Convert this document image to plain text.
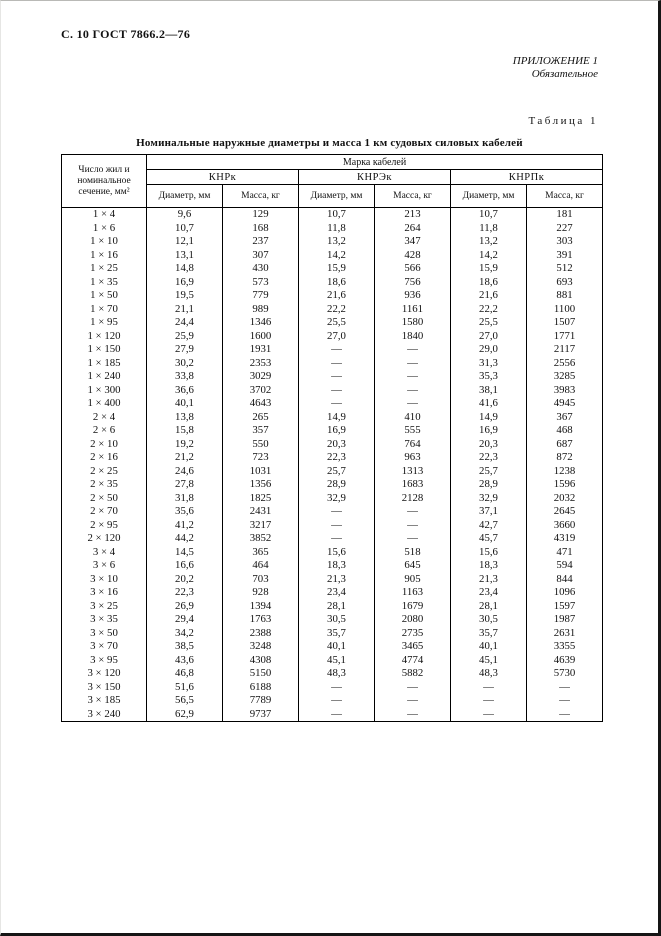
С. 10 ГОСТ 7866.2—76
ПРИЛОЖЕНИЕ 1
Обязательное
Таблица 1
Номинальные наружные диаметры и масса 1 км судовых силовых кабелей
Число жил и номинальное сечение, мм²	Марка кабелей					
	КНРк		КНРЭк		КНРПк	
	Диаметр, мм	Масса, кг	Диаметр, мм	Масса, кг	Диаметр, мм	Масса, кг
1 × 4	9,6	129	10,7	213	10,7	181
1 × 6	10,7	168	11,8	264	11,8	227
1 × 10	12,1	237	13,2	347	13,2	303
1 × 16	13,1	307	14,2	428	14,2	391
1 × 25	14,8	430	15,9	566	15,9	512
1 × 35	16,9	573	18,6	756	18,6	693
1 × 50	19,5	779	21,6	936	21,6	881
1 × 70	21,1	989	22,2	1161	22,2	1100
1 × 95	24,4	1346	25,5	1580	25,5	1507
1 × 120	25,9	1600	27,0	1840	27,0	1771
1 × 150	27,9	1931	—	—	29,0	2117
1 × 185	30,2	2353	—	—	31,3	2556
1 × 240	33,8	3029	—	—	35,3	3285
1 × 300	36,6	3702	—	—	38,1	3983
1 × 400	40,1	4643	—	—	41,6	4945
2 × 4	13,8	265	14,9	410	14,9	367
2 × 6	15,8	357	16,9	555	16,9	468
2 × 10	19,2	550	20,3	764	20,3	687
2 × 16	21,2	723	22,3	963	22,3	872
2 × 25	24,6	1031	25,7	1313	25,7	1238
2 × 35	27,8	1356	28,9	1683	28,9	1596
2 × 50	31,8	1825	32,9	2128	32,9	2032
2 × 70	35,6	2431	—	—	37,1	2645
2 × 95	41,2	3217	—	—	42,7	3660
2 × 120	44,2	3852	—	—	45,7	4319
3 × 4	14,5	365	15,6	518	15,6	471
3 × 6	16,6	464	18,3	645	18,3	594
3 × 10	20,2	703	21,3	905	21,3	844
3 × 16	22,3	928	23,4	1163	23,4	1096
3 × 25	26,9	1394	28,1	1679	28,1	1597
3 × 35	29,4	1763	30,5	2080	30,5	1987
3 × 50	34,2	2388	35,7	2735	35,7	2631
3 × 70	38,5	3248	40,1	3465	40,1	3355
3 × 95	43,6	4308	45,1	4774	45,1	4639
3 × 120	46,8	5150	48,3	5882	48,3	5730
3 × 150	51,6	6188	—	—	—	—
3 × 185	56,5	7789	—	—	—	—
3 × 240	62,9	9737	—	—	—	—
